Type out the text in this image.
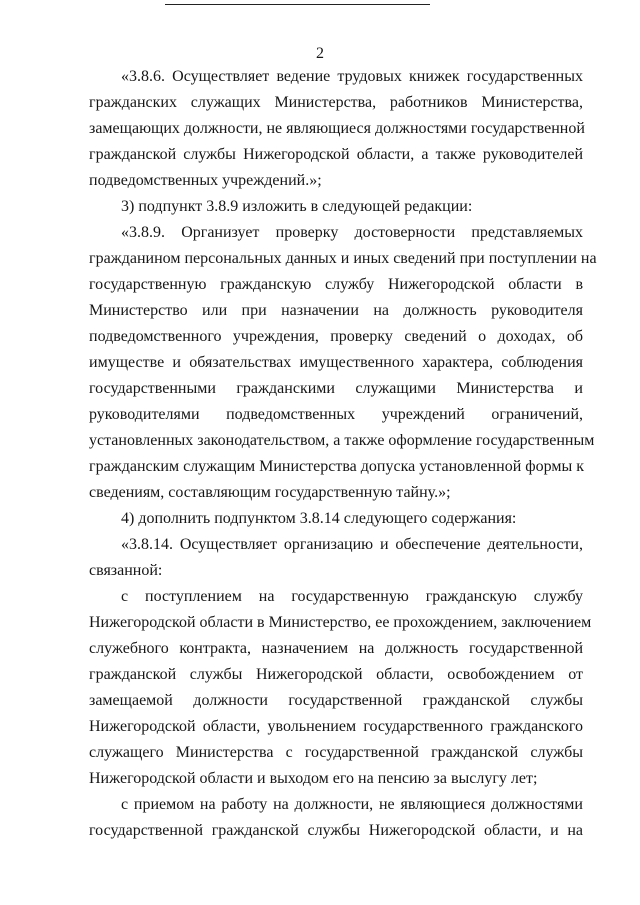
2
«3.8.6. Осуществляет ведение трудовых книжек государственных
гражданских служащих Министерства, работников Министерства,
замещающих должности, не являющиеся должностями государственной
гражданской службы Нижегородской области, а также руководителей
подведомственных учреждений.»;
3) подпункт 3.8.9 изложить в следующей редакции:
«3.8.9. Организует проверку достоверности представляемых
гражданином персональных данных и иных сведений при поступлении на
государственную гражданскую службу Нижегородской области в
Министерство или при назначении на должность руководителя
подведомственного учреждения, проверку сведений о доходах, об
имуществе и обязательствах имущественного характера, соблюдения
государственными гражданскими служащими Министерства и
руководителями подведомственных учреждений ограничений,
установленных законодательством, а также оформление государственным
гражданским служащим Министерства допуска установленной формы к
сведениям, составляющим государственную тайну.»;
4) дополнить подпунктом 3.8.14 следующего содержания:
«3.8.14. Осуществляет организацию и обеспечение деятельности,
связанной:
с поступлением на государственную гражданскую службу
Нижегородской области в Министерство, ее прохождением, заключением
служебного контракта, назначением на должность государственной
гражданской службы Нижегородской области, освобождением от
замещаемой должности государственной гражданской службы
Нижегородской области, увольнением государственного гражданского
служащего Министерства с государственной гражданской службы
Нижегородской области и выходом его на пенсию за выслугу лет;
с приемом на работу на должности, не являющиеся должностями
государственной гражданской службы Нижегородской области, и на
